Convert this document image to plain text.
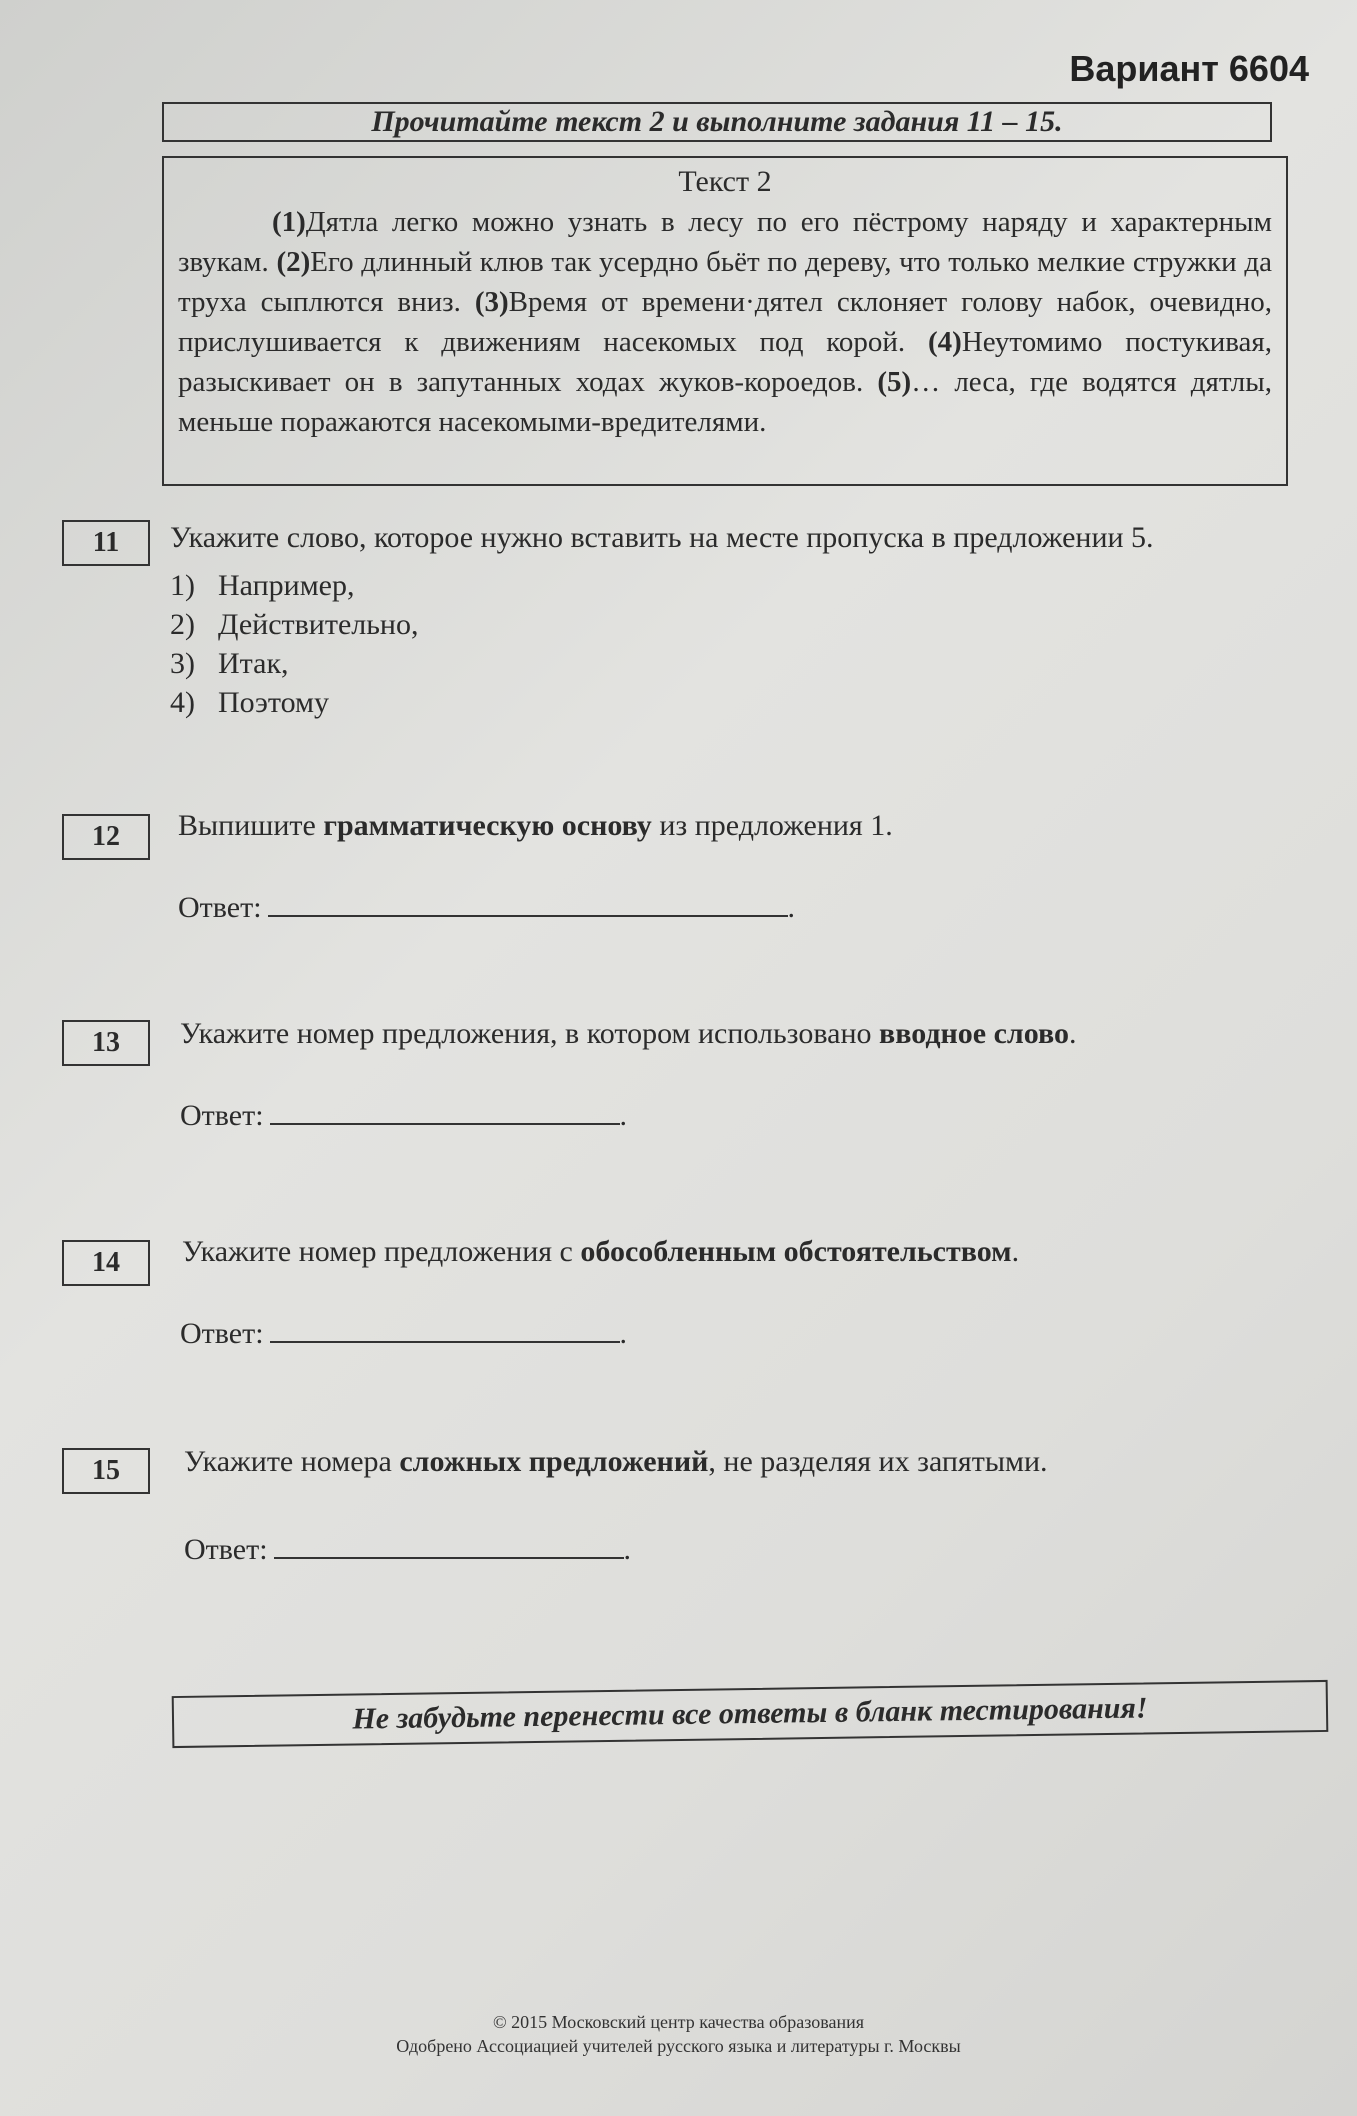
Вариант 6604
Прочитайте текст 2 и выполните задания 11 – 15.
Текст 2

(1)Дятла легко можно узнать в лесу по его пёстрому наряду и характерным звукам. (2)Его длинный клюв так усердно бьёт по дереву, что только мелкие стружки да труха сыплются вниз. (3)Время от времени·дятел склоняет голову набок, очевидно, прислушивается к движениям насекомых под корой. (4)Неутомимо постукивая, разыскивает он в запутанных ходах жуков-короедов. (5)… леса, где водятся дятлы, меньше поражаются насекомыми-вредителями.

11	Укажите слово, которое нужно вставить на месте пропуска в предложении 5.
1) Например,
2) Действительно,
3) Итак,
4) Поэтому
12	Выпишите грамматическую основу из предложения 1.
Ответ:	.
13	Укажите номер предложения, в котором использовано вводное слово.
Ответ:	.
14	Укажите номер предложения с обособленным обстоятельством.
Ответ:	.
15	Укажите номера сложных предложений, не разделяя их запятыми.
Ответ:	.
Не забудьте перенести все ответы в бланк тестирования!
© 2015 Московский центр качества образования
Одобрено Ассоциацией учителей русского языка и литературы г. Москвы
